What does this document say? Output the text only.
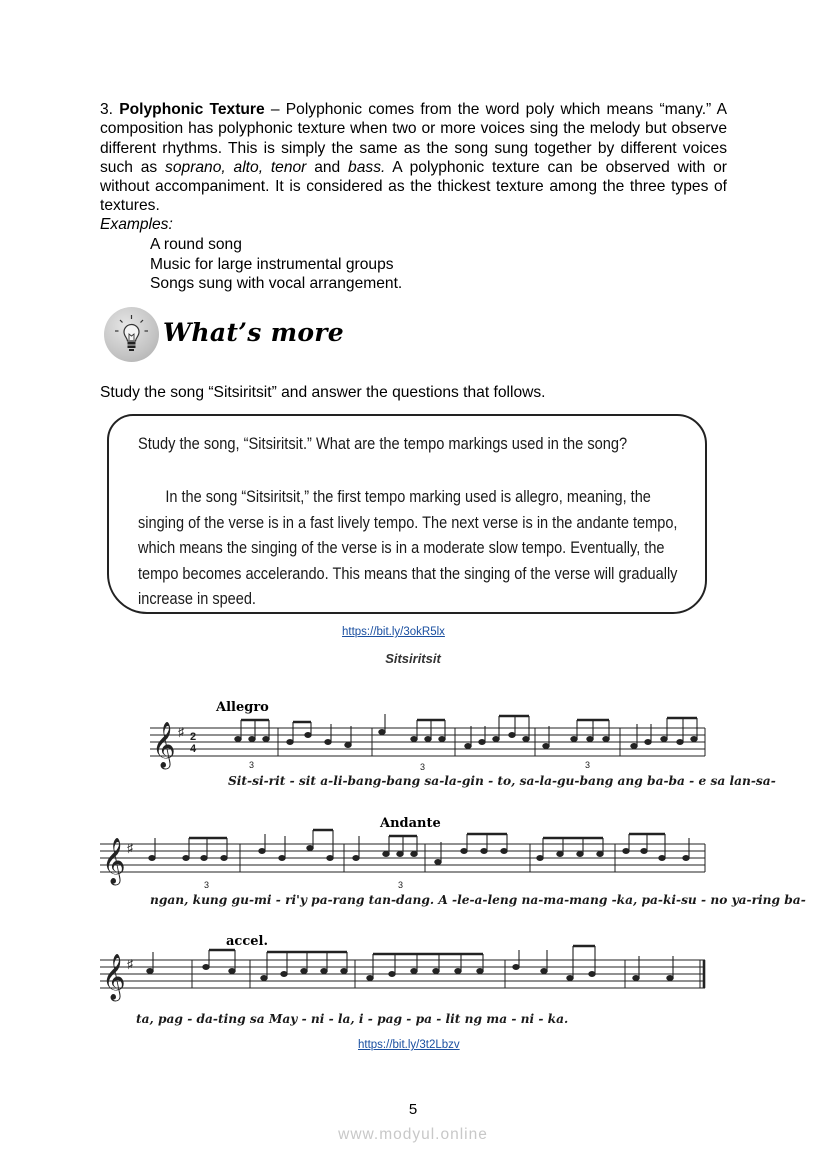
3. Polyphonic Texture – Polyphonic comes from the word poly which means “many.” A composition has polyphonic texture when two or more voices sing the melody but observe different rhythms. This is simply the same as the song sung together by different voices such as soprano, alto, tenor and bass. A polyphonic texture can be observed with or without accompaniment. It is considered as the thickest texture among the three types of textures.
Examples:
A round song
Music for large instrumental groups
Songs sung with vocal arrangement.
What’s more
Study the song “Sitsiritsit” and answer the questions that follows.
Study the song, “Sitsiritsit.” What are the tempo markings used in the song?
In the song “Sitsiritsit,” the first tempo marking used is allegro, meaning, the singing of the verse is in a fast lively tempo. The next verse is in the andante tempo, which means the singing of the verse is in a moderate slow tempo. Eventually, the tempo becomes accelerando. This means that the singing of the verse will gradually increase in speed.
https://bit.ly/3okR5lx
Sitsiritsit
Allegro
𝄞 ♯ 2
4
3	3	3
Sit-si-rit - sit a-li-bang-bang sa-la-gin - to, sa-la-gu-bang ang ba-ba - e sa lan-sa-
Andante
𝄞 ♯
3	3
ngan, kung gu-mi - ri'y pa-rang tan-dang. A -le-a-leng na-ma-mang -ka, pa-ki-su - no ya-ring ba-
accel.
𝄞 ♯
ta, pag - da-ting sa May - ni - la, i - pag - pa - lit ng ma - ni - ka.
https://bit.ly/3t2Lbzv
5
www.modyul.online
